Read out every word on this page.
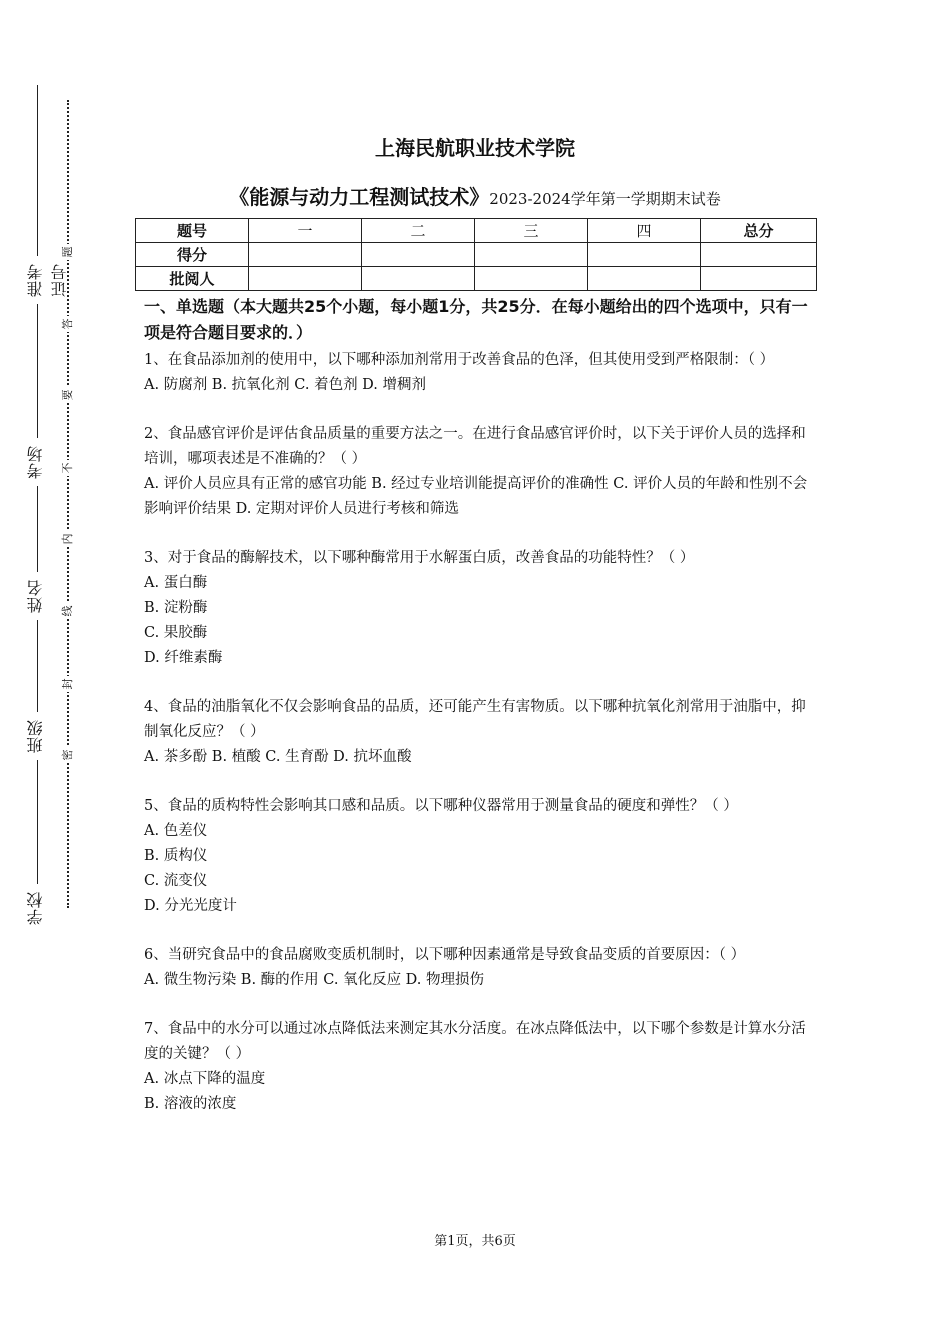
准考证号
考场
姓名
班级
学校
题
答
要
不
内
线
封
密
上海民航职业技术学院
《能源与动力工程测试技术》2023-2024学年第一学期期末试卷
题号	一	二	三	四	总分
得分					
批阅人					
一、单选题（本大题共25个小题，每小题1分，共25分．在每小题给出的四个选项中，只有一项是符合题目要求的．）
1、在食品添加剂的使用中，以下哪种添加剂常用于改善食品的色泽，但其使用受到严格限制：（ ）
A. 防腐剂 B. 抗氧化剂 C. 着色剂 D. 增稠剂
2、食品感官评价是评估食品质量的重要方法之一。在进行食品感官评价时，以下关于评价人员的选择和培训，哪项表述是不准确的？（ ）
A. 评价人员应具有正常的感官功能 B. 经过专业培训能提高评价的准确性 C. 评价人员的年龄和性别不会影响评价结果 D. 定期对评价人员进行考核和筛选
3、对于食品的酶解技术，以下哪种酶常用于水解蛋白质，改善食品的功能特性？（ ）
A. 蛋白酶
B. 淀粉酶
C. 果胶酶
D. 纤维素酶
4、食品的油脂氧化不仅会影响食品的品质，还可能产生有害物质。以下哪种抗氧化剂常用于油脂中，抑制氧化反应？（ ）
A. 茶多酚 B. 植酸 C. 生育酚 D. 抗坏血酸
5、食品的质构特性会影响其口感和品质。以下哪种仪器常用于测量食品的硬度和弹性？（ ）
A. 色差仪
B. 质构仪
C. 流变仪
D. 分光光度计
6、当研究食品中的食品腐败变质机制时，以下哪种因素通常是导致食品变质的首要原因：（ ）
A. 微生物污染 B. 酶的作用 C. 氧化反应 D. 物理损伤
7、食品中的水分可以通过冰点降低法来测定其水分活度。在冰点降低法中，以下哪个参数是计算水分活度的关键？（ ）
A. 冰点下降的温度
B. 溶液的浓度
第1页，共6页
